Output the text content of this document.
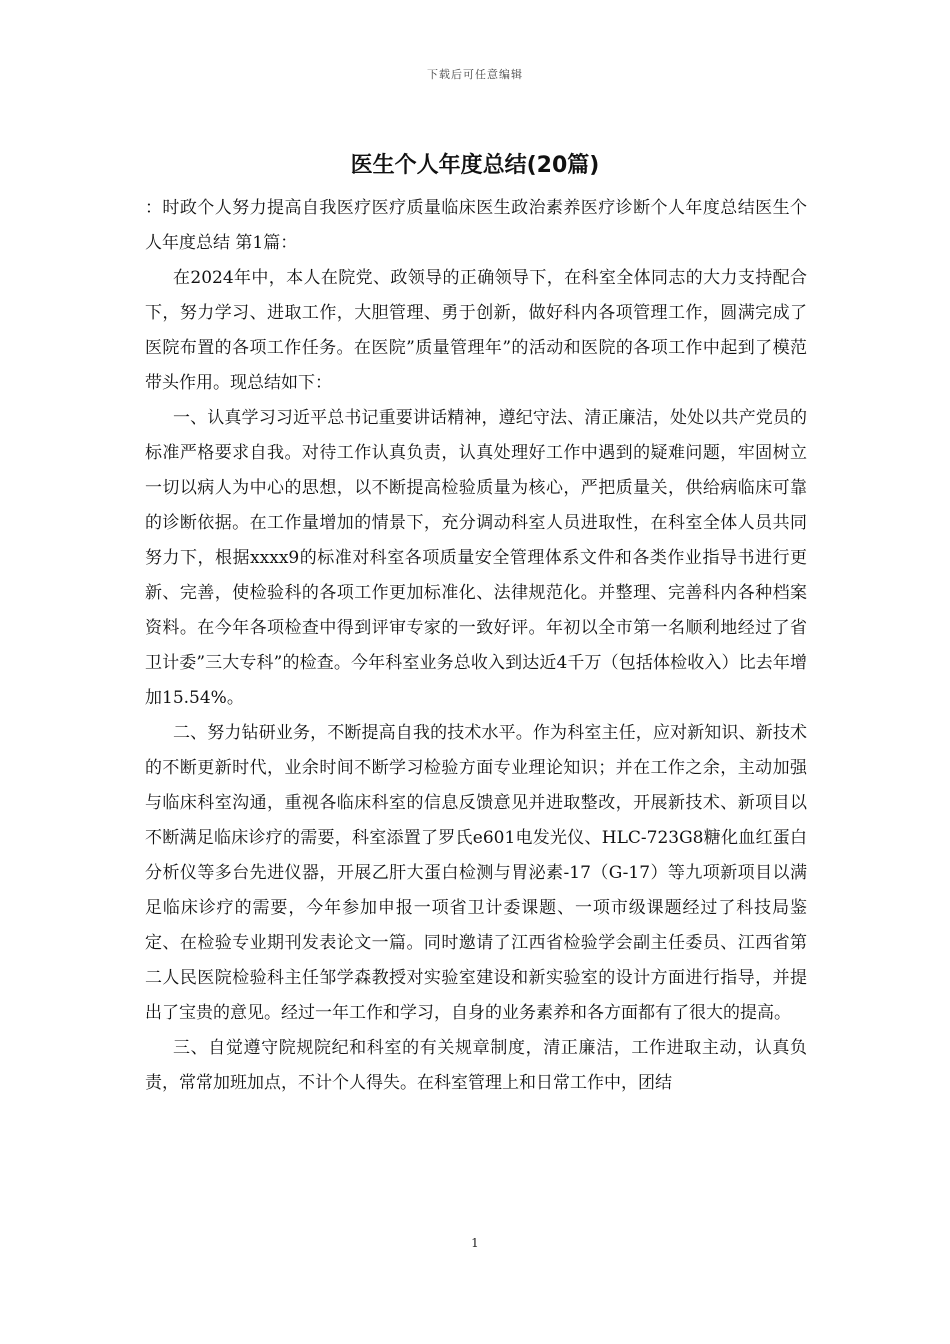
下载后可任意编辑
医生个人年度总结(20篇)

：时政个人努力提高自我医疗医疗质量临床医生政治素养医疗诊断个人年度总结医生个人年度总结 第1篇：

在2024年中，本人在院党、政领导的正确领导下，在科室全体同志的大力支持配合下，努力学习、进取工作，大胆管理、勇于创新，做好科内各项管理工作，圆满完成了医院布置的各项工作任务。在医院”质量管理年”的活动和医院的各项工作中起到了模范带头作用。现总结如下：

一、认真学习习近平总书记重要讲话精神，遵纪守法、清正廉洁，处处以共产党员的标准严格要求自我。对待工作认真负责，认真处理好工作中遇到的疑难问题，牢固树立一切以病人为中心的思想，以不断提高检验质量为核心，严把质量关，供给病临床可靠的诊断依据。在工作量增加的情景下，充分调动科室人员进取性，在科室全体人员共同努力下，根据xxxx9的标准对科室各项质量安全管理体系文件和各类作业指导书进行更新、完善，使检验科的各项工作更加标准化、法律规范化。并整理、完善科内各种档案资料。在今年各项检查中得到评审专家的一致好评。年初以全市第一名顺利地经过了省卫计委”三大专科”的检查。今年科室业务总收入到达近4千万（包括体检收入）比去年增加15.54%。

二、努力钻研业务，不断提高自我的技术水平。作为科室主任，应对新知识、新技术的不断更新时代，业余时间不断学习检验方面专业理论知识；并在工作之余，主动加强与临床科室沟通，重视各临床科室的信息反馈意见并进取整改，开展新技术、新项目以不断满足临床诊疗的需要，科室添置了罗氏e601电发光仪、HLC-723G8糖化血红蛋白分析仪等多台先进仪器，开展乙肝大蛋白检测与胃泌素-17（G-17）等九项新项目以满足临床诊疗的需要，今年参加申报一项省卫计委课题、一项市级课题经过了科技局鉴定、在检验专业期刊发表论文一篇。同时邀请了江西省检验学会副主任委员、江西省第二人民医院检验科主任邹学森教授对实验室建设和新实验室的设计方面进行指导，并提出了宝贵的意见。经过一年工作和学习，自身的业务素养和各方面都有了很大的提高。

三、自觉遵守院规院纪和科室的有关规章制度，清正廉洁，工作进取主动，认真负责，常常加班加点，不计个人得失。在科室管理上和日常工作中，团结

1
